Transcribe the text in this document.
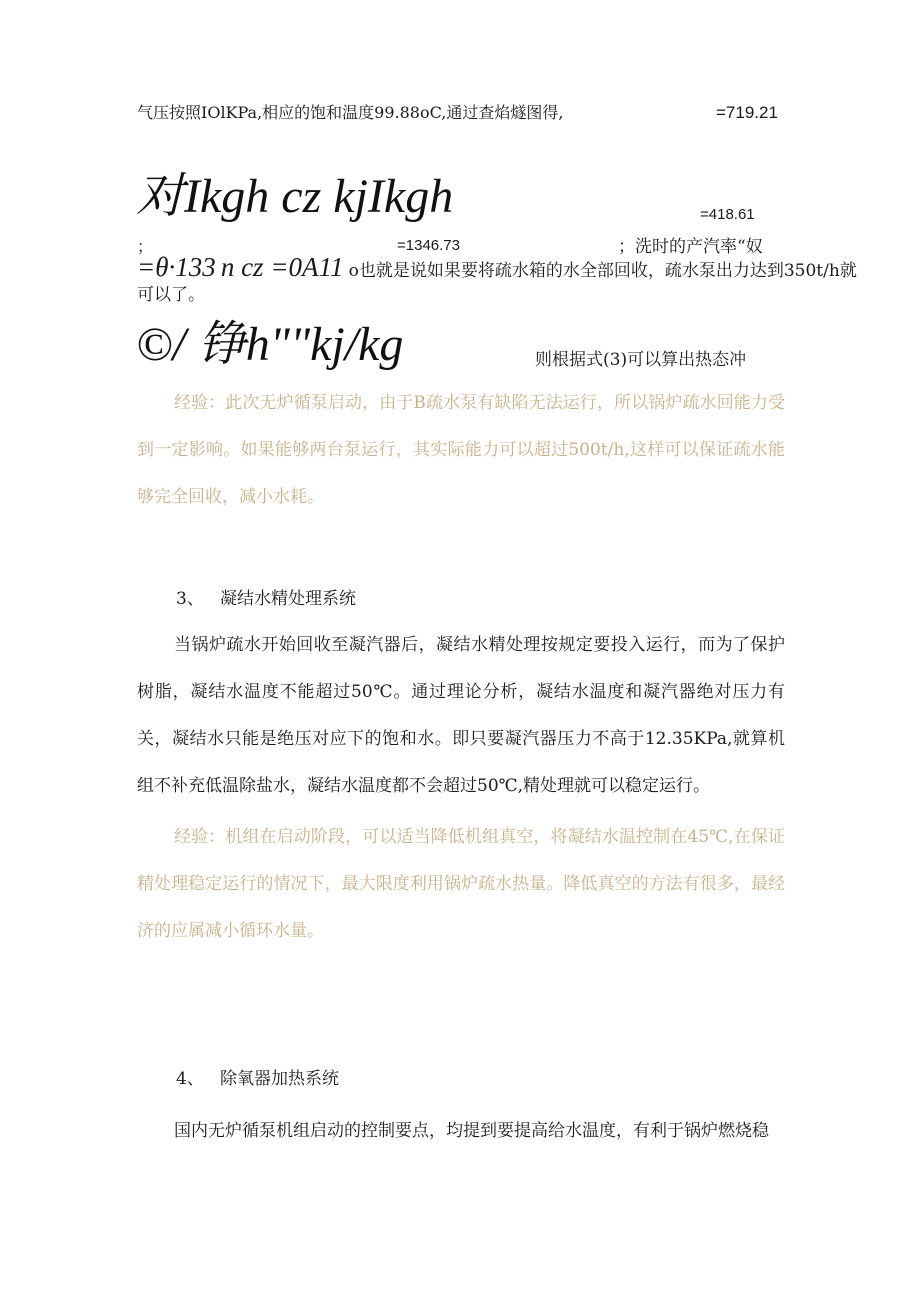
气压按照IOlKPa,相应的饱和温度99.88oC,通过查焰燧图得,	=719.21
对Ikgh cz kjIkgh	=418.61
；	=1346.73	；洗时的产汽率“奴
=θ·133 n cz =0A11 o也就是说如果要将疏水箱的水全部回收，疏水泵出力达到350t∕h就
可以了。
©/ 铮h""kj/kg	则根据式(3)可以算出热态冲
经验：此次无炉循泵启动，由于B疏水泵有缺陷无法运行，所以锅炉疏水回能力受到一定影响。如果能够两台泵运行，其实际能力可以超过500t∕h,这样可以保证疏水能够完全回收，减小水耗。
3、 凝结水精处理系统
当锅炉疏水开始回收至凝汽器后，凝结水精处理按规定要投入运行，而为了保护树脂，凝结水温度不能超过50℃。通过理论分析，凝结水温度和凝汽器绝对压力有关，凝结水只能是绝压对应下的饱和水。即只要凝汽器压力不高于12.35KPa,就算机组不补充低温除盐水，凝结水温度都不会超过50℃,精处理就可以稳定运行。
经验：机组在启动阶段，可以适当降低机组真空，将凝结水温控制在45℃,在保证精处理稳定运行的情况下，最大限度利用锅炉疏水热量。降低真空的方法有很多，最经济的应属减小循环水量。
4、 除氧器加热系统
国内无炉循泵机组启动的控制要点，均提到要提高给水温度，有利于锅炉燃烧稳
